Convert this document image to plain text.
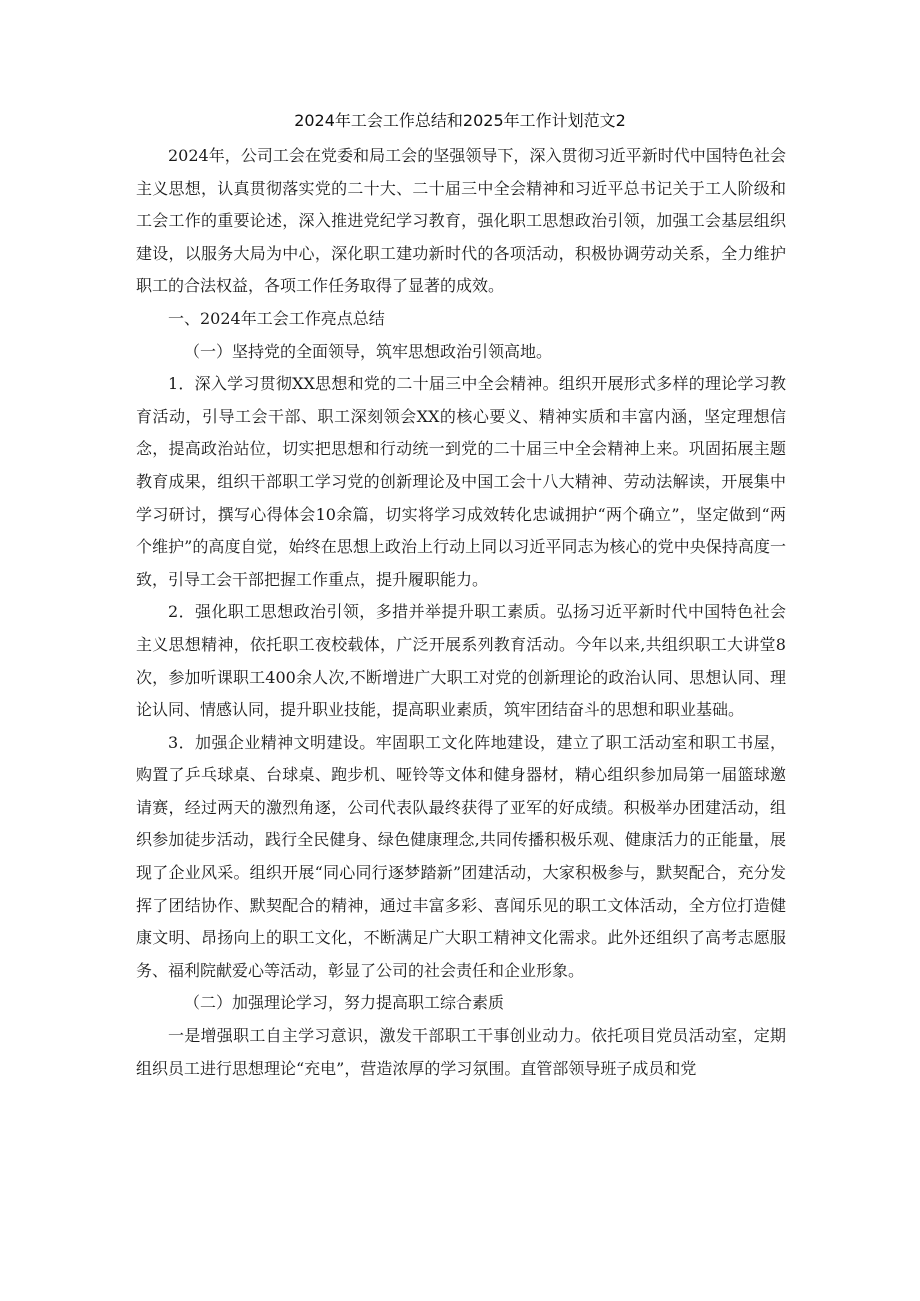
2024年工会工作总结和2025年工作计划范文2

2024年，公司工会在党委和局工会的坚强领导下，深入贯彻习近平新时代中国特色社会主义思想，认真贯彻落实党的二十大、二十届三中全会精神和习近平总书记关于工人阶级和工会工作的重要论述，深入推进党纪学习教育，强化职工思想政治引领，加强工会基层组织建设，以服务大局为中心，深化职工建功新时代的各项活动，积极协调劳动关系，全力维护职工的合法权益，各项工作任务取得了显著的成效。

一、2024年工会工作亮点总结

（一）坚持党的全面领导，筑牢思想政治引领高地。

1．深入学习贯彻XX思想和党的二十届三中全会精神。组织开展形式多样的理论学习教育活动，引导工会干部、职工深刻领会XX的核心要义、精神实质和丰富内涵，坚定理想信念，提高政治站位，切实把思想和行动统一到党的二十届三中全会精神上来。巩固拓展主题教育成果，组织干部职工学习党的创新理论及中国工会十八大精神、劳动法解读，开展集中学习研讨，撰写心得体会10余篇，切实将学习成效转化忠诚拥护“两个确立”，坚定做到“两个维护”的高度自觉，始终在思想上政治上行动上同以习近平同志为核心的党中央保持高度一致，引导工会干部把握工作重点，提升履职能力。

2．强化职工思想政治引领，多措并举提升职工素质。弘扬习近平新时代中国特色社会主义思想精神，依托职工夜校载体，广泛开展系列教育活动。今年以来,共组织职工大讲堂8次，参加听课职工400余人次,不断增进广大职工对党的创新理论的政治认同、思想认同、理论认同、情感认同，提升职业技能，提高职业素质，筑牢团结奋斗的思想和职业基础。

3．加强企业精神文明建设。牢固职工文化阵地建设，建立了职工活动室和职工书屋，购置了乒乓球桌、台球桌、跑步机、哑铃等文体和健身器材，精心组织参加局第一届篮球邀请赛，经过两天的激烈角逐，公司代表队最终获得了亚军的好成绩。积极举办团建活动，组织参加徒步活动，践行全民健身、绿色健康理念,共同传播积极乐观、健康活力的正能量，展现了企业风采。组织开展“同心同行逐梦踏新”团建活动，大家积极参与，默契配合，充分发挥了团结协作、默契配合的精神，通过丰富多彩、喜闻乐见的职工文体活动，全方位打造健康文明、昂扬向上的职工文化，不断满足广大职工精神文化需求。此外还组织了高考志愿服务、福利院献爱心等活动，彰显了公司的社会责任和企业形象。

（二）加强理论学习，努力提高职工综合素质

一是增强职工自主学习意识，激发干部职工干事创业动力。依托项目党员活动室，定期组织员工进行思想理论“充电”，营造浓厚的学习氛围。直管部领导班子成员和党
